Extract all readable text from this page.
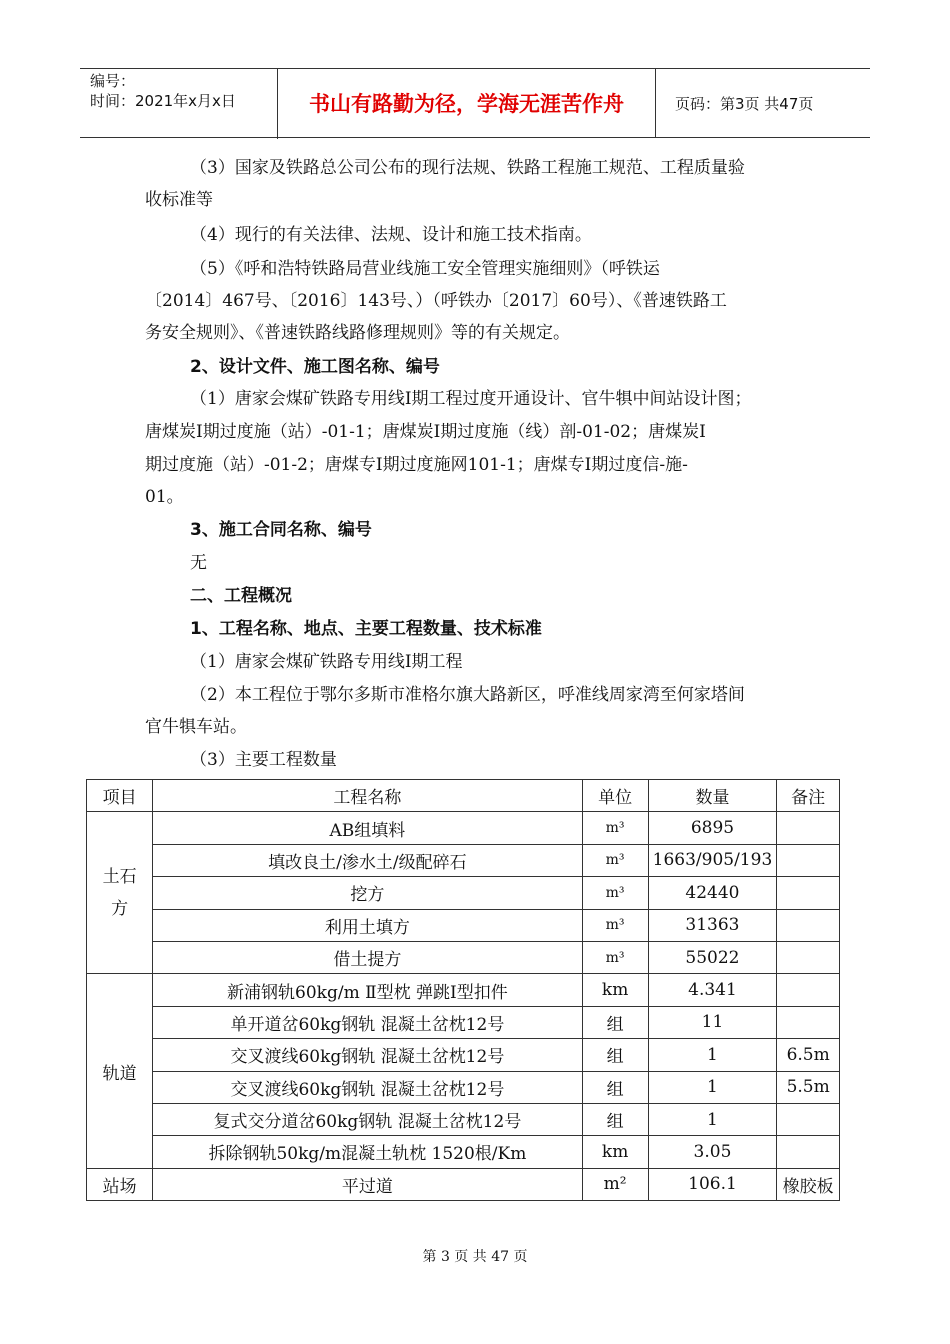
编号：
时间：2021年x月x日	书山有路勤为径，学海无涯苦作舟	页码：第3页 共47页
（3）国家及铁路总公司公布的现行法规、铁路工程施工规范、工程质量验
收标准等
（4）现行的有关法律、法规、设计和施工技术指南。
（5）《呼和浩特铁路局营业线施工安全管理实施细则》（呼铁运
〔2014〕467号、〔2016〕143号、）（呼铁办〔2017〕60号）、《普速铁路工
务安全规则》、《普速铁路线路修理规则》等的有关规定。
2、设计文件、施工图名称、编号
（1）唐家会煤矿铁路专用线Ⅰ期工程过度开通设计、官牛犋中间站设计图；
唐煤炭Ⅰ期过度施（站）-01-1；唐煤炭Ⅰ期过度施（线）剖-01-02；唐煤炭Ⅰ
期过度施（站）-01-2；唐煤专Ⅰ期过度施网101-1；唐煤专Ⅰ期过度信-施-
01。
3、施工合同名称、编号
无
二、工程概况
1、工程名称、地点、主要工程数量、技术标准
（1）唐家会煤矿铁路专用线Ⅰ期工程
（2）本工程位于鄂尔多斯市准格尔旗大路新区，呼准线周家湾至何家塔间
官牛犋车站。
（3）主要工程数量
项目	工程名称	单位	数量	备注

土石方	AB组填料	m³	6895	
	填改良土/渗水土/级配碎石	m³	1663/905/193	
	挖方	m³	42440	
	利用土填方	m³	31363	
	借土提方	m³	55022	
轨道	新浦钢轨60kg/m Ⅱ型枕 弹跳Ⅰ型扣件	km	4.341	
	单开道岔60kg钢轨 混凝土岔枕12号	组	11	
	交叉渡线60kg钢轨 混凝土岔枕12号	组	1	6.5m
	交叉渡线60kg钢轨 混凝土岔枕12号	组	1	5.5m
	复式交分道岔60kg钢轨 混凝土岔枕12号	组	1	
	拆除钢轨50kg/m混凝土轨枕 1520根/Km	km	3.05	
站场	平过道	m²	106.1	橡胶板
第 3 页 共 47 页
